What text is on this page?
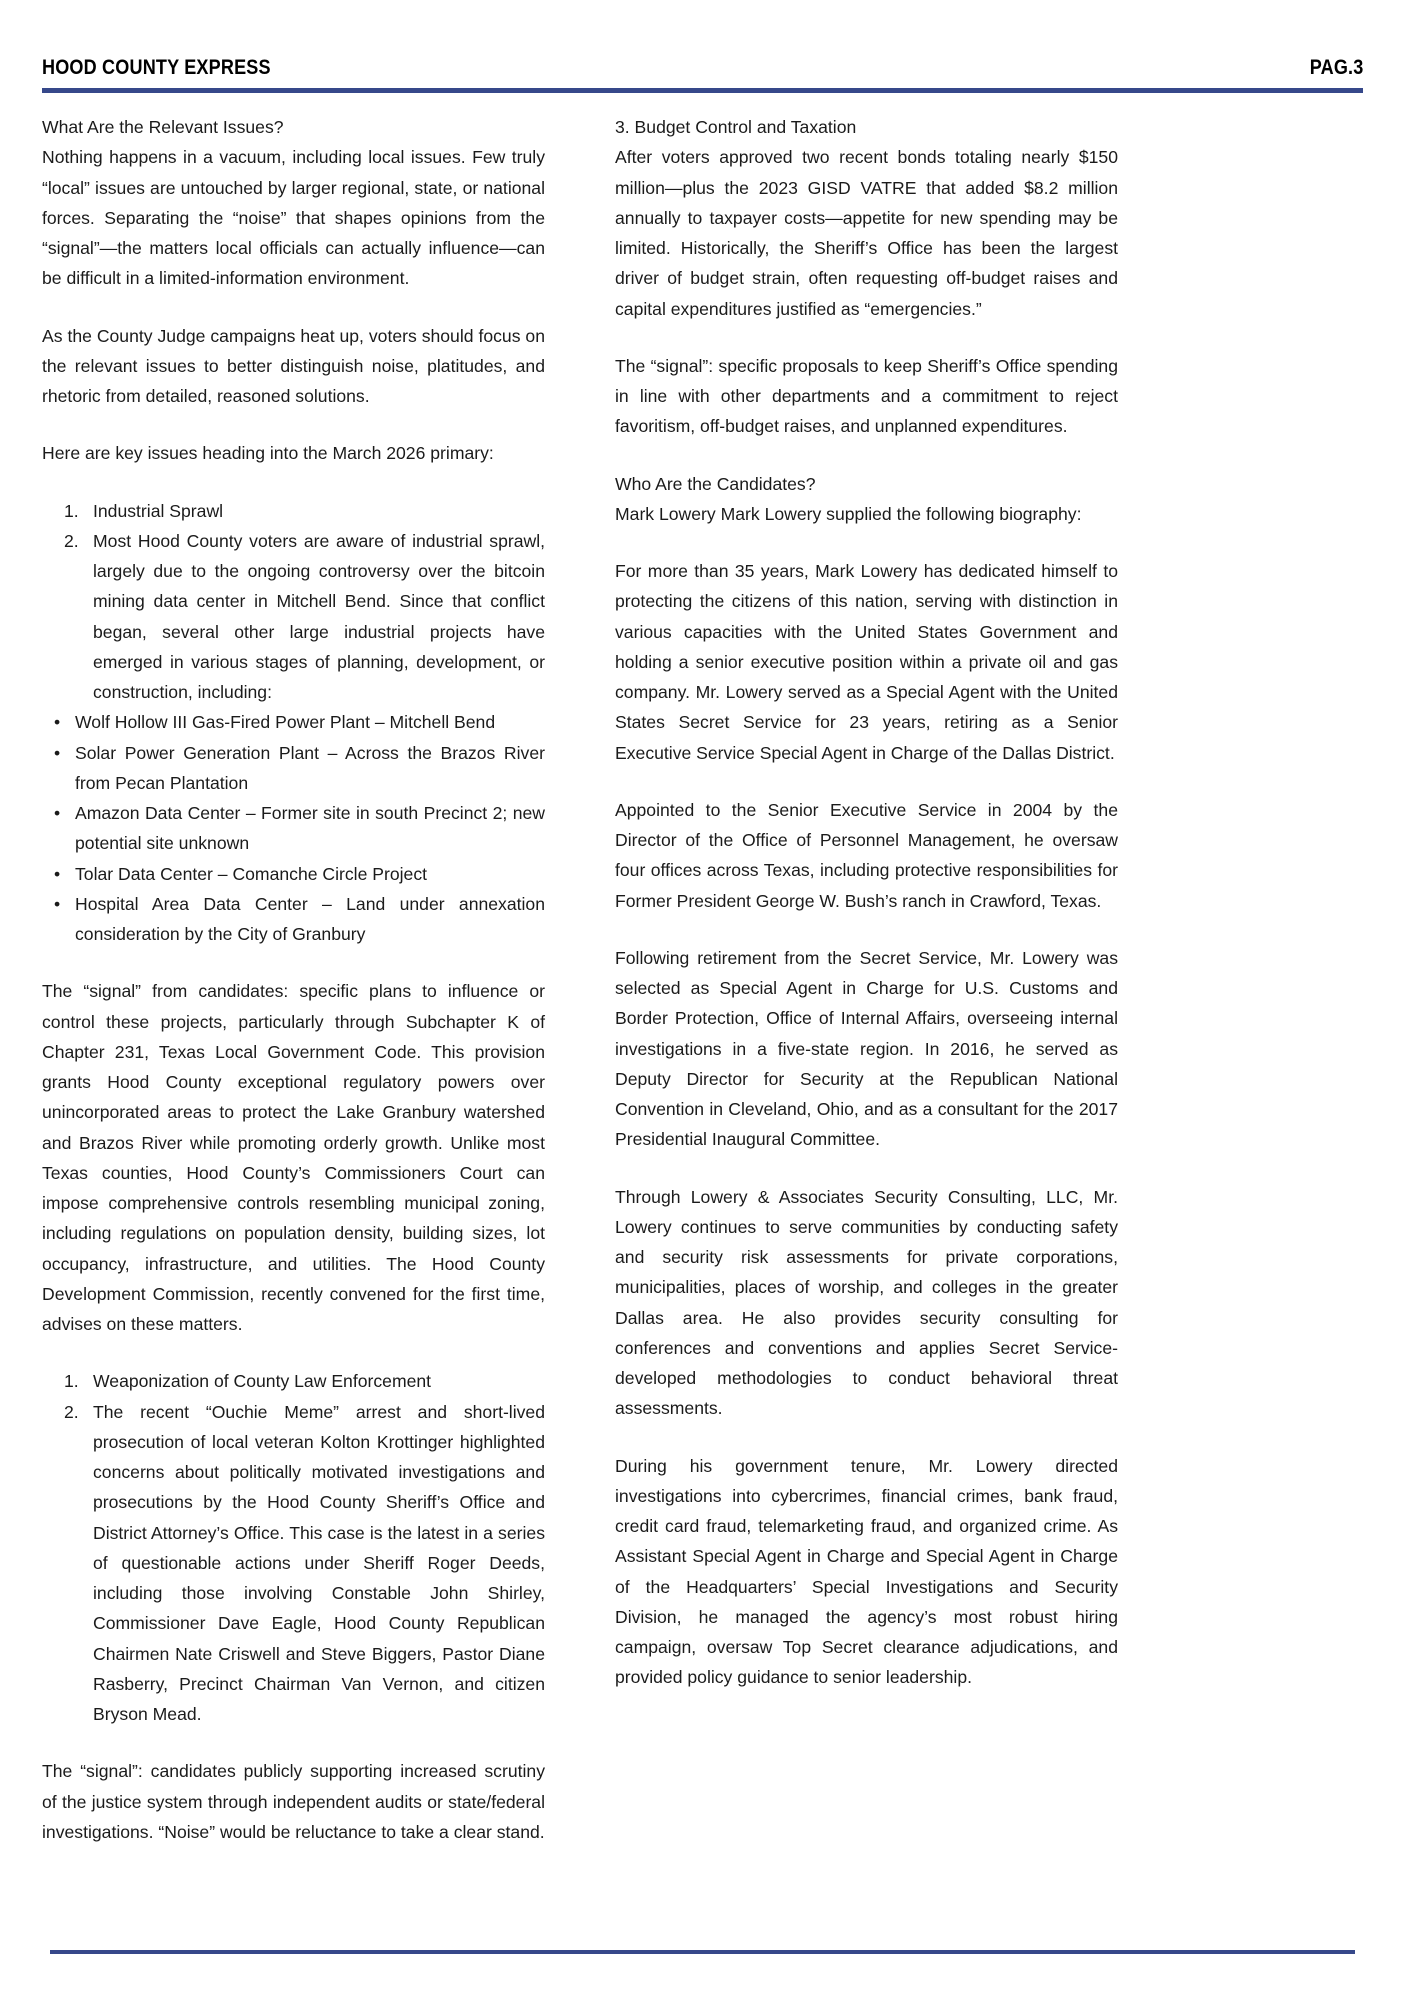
HOOD COUNTY EXPRESS	PAG.3

What Are the Relevant Issues?

Nothing happens in a vacuum, including local issues. Few truly “local” issues are untouched by larger regional, state, or national forces. Separating the “noise” that shapes opinions from the “signal”—the matters local officials can actually influence—can be difficult in a limited-information environment.

As the County Judge campaigns heat up, voters should focus on the relevant issues to better distinguish noise, platitudes, and rhetoric from detailed, reasoned solutions.

Here are key issues heading into the March 2026 primary:

Industrial Sprawl
Most Hood County voters are aware of industrial sprawl, largely due to the ongoing controversy over the bitcoin mining data center in Mitchell Bend. Since that conflict began, several other large industrial projects have emerged in various stages of planning, development, or construction, including:
• Wolf Hollow III Gas-Fired Power Plant – Mitchell Bend
• Solar Power Generation Plant – Across the Brazos River from Pecan Plantation
• Amazon Data Center – Former site in south Precinct 2; new potential site unknown
• Tolar Data Center – Comanche Circle Project
• Hospital Area Data Center – Land under annexation consideration by the City of Granbury

The “signal” from candidates: specific plans to influence or control these projects, particularly through Subchapter K of Chapter 231, Texas Local Government Code. This provision grants Hood County exceptional regulatory powers over unincorporated areas to protect the Lake Granbury watershed and Brazos River while promoting orderly growth. Unlike most Texas counties, Hood County’s Commissioners Court can impose comprehensive controls resembling municipal zoning, including regulations on population density, building sizes, lot occupancy, infrastructure, and utilities. The Hood County Development Commission, recently convened for the first time, advises on these matters.

Weaponization of County Law Enforcement
The recent “Ouchie Meme” arrest and short-lived prosecution of local veteran Kolton Krottinger highlighted concerns about politically motivated investigations and prosecutions by the Hood County Sheriff’s Office and District Attorney’s Office. This case is the latest in a series of questionable actions under Sheriff Roger Deeds, including those involving Constable John Shirley, Commissioner Dave Eagle, Hood County Republican Chairmen Nate Criswell and Steve Biggers, Pastor Diane Rasberry, Precinct Chairman Van Vernon, and citizen Bryson Mead.

The “signal”: candidates publicly supporting increased scrutiny of the justice system through independent audits or state/federal investigations. “Noise” would be reluctance to take a clear stand.

3. Budget Control and Taxation

After voters approved two recent bonds totaling nearly $150 million—plus the 2023 GISD VATRE that added $8.2 million annually to taxpayer costs—appetite for new spending may be limited. Historically, the Sheriff’s Office has been the largest driver of budget strain, often requesting off-budget raises and capital expenditures justified as “emergencies.”

The “signal”: specific proposals to keep Sheriff’s Office spending in line with other departments and a commitment to reject favoritism, off-budget raises, and unplanned expenditures.

Who Are the Candidates?

Mark Lowery Mark Lowery supplied the following biography:

For more than 35 years, Mark Lowery has dedicated himself to protecting the citizens of this nation, serving with distinction in various capacities with the United States Government and holding a senior executive position within a private oil and gas company. Mr. Lowery served as a Special Agent with the United States Secret Service for 23 years, retiring as a Senior Executive Service Special Agent in Charge of the Dallas District.

Appointed to the Senior Executive Service in 2004 by the Director of the Office of Personnel Management, he oversaw four offices across Texas, including protective responsibilities for Former President George W. Bush’s ranch in Crawford, Texas.

Following retirement from the Secret Service, Mr. Lowery was selected as Special Agent in Charge for U.S. Customs and Border Protection, Office of Internal Affairs, overseeing internal investigations in a five-state region. In 2016, he served as Deputy Director for Security at the Republican National Convention in Cleveland, Ohio, and as a consultant for the 2017 Presidential Inaugural Committee.

Through Lowery & Associates Security Consulting, LLC, Mr. Lowery continues to serve communities by conducting safety and security risk assessments for private corporations, municipalities, places of worship, and colleges in the greater Dallas area. He also provides security consulting for conferences and conventions and applies Secret Service-developed methodologies to conduct behavioral threat assessments.

During his government tenure, Mr. Lowery directed investigations into cybercrimes, financial crimes, bank fraud, credit card fraud, telemarketing fraud, and organized crime. As Assistant Special Agent in Charge and Special Agent in Charge of the Headquarters’ Special Investigations and Security Division, he managed the agency’s most robust hiring campaign, oversaw Top Secret clearance adjudications, and provided policy guidance to senior leadership.
